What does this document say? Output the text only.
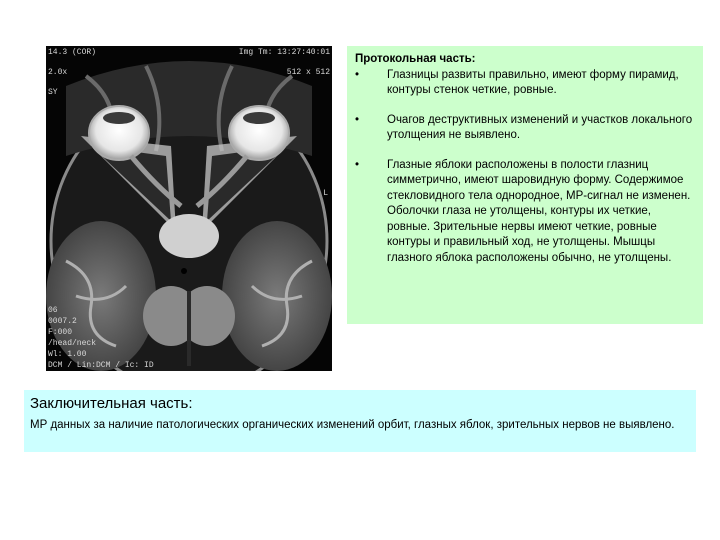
14.3 (COR)	Img Tm: 13:27:40:01
2.0x	512 x 512
SY
L
06
0007.2
F:000
/head/neck
Wl: 1.00
DCM / Lin:DCM / Ic: ID
Протокольная часть:
• Глазницы развиты правильно, имеют форму пирамид, контуры стенок четкие, ровные.
• Очагов деструктивных изменений и участков локального утолщения не выявлено.
• Глазные яблоки расположены в полости глазниц симметрично, имеют шаровидную форму. Содержимое стекловидного тела однородное, МР-сигнал не изменен. Оболочки глаза не утолщены, контуры их четкие, ровные. Зрительные нервы имеют четкие, ровные контуры и правильный ход, не утолщены. Мышцы глазного яблока расположены обычно, не утолщены.
Заключительная часть:
МР данных за наличие патологических органических изменений орбит, глазных яблок, зрительных нервов не выявлено.
